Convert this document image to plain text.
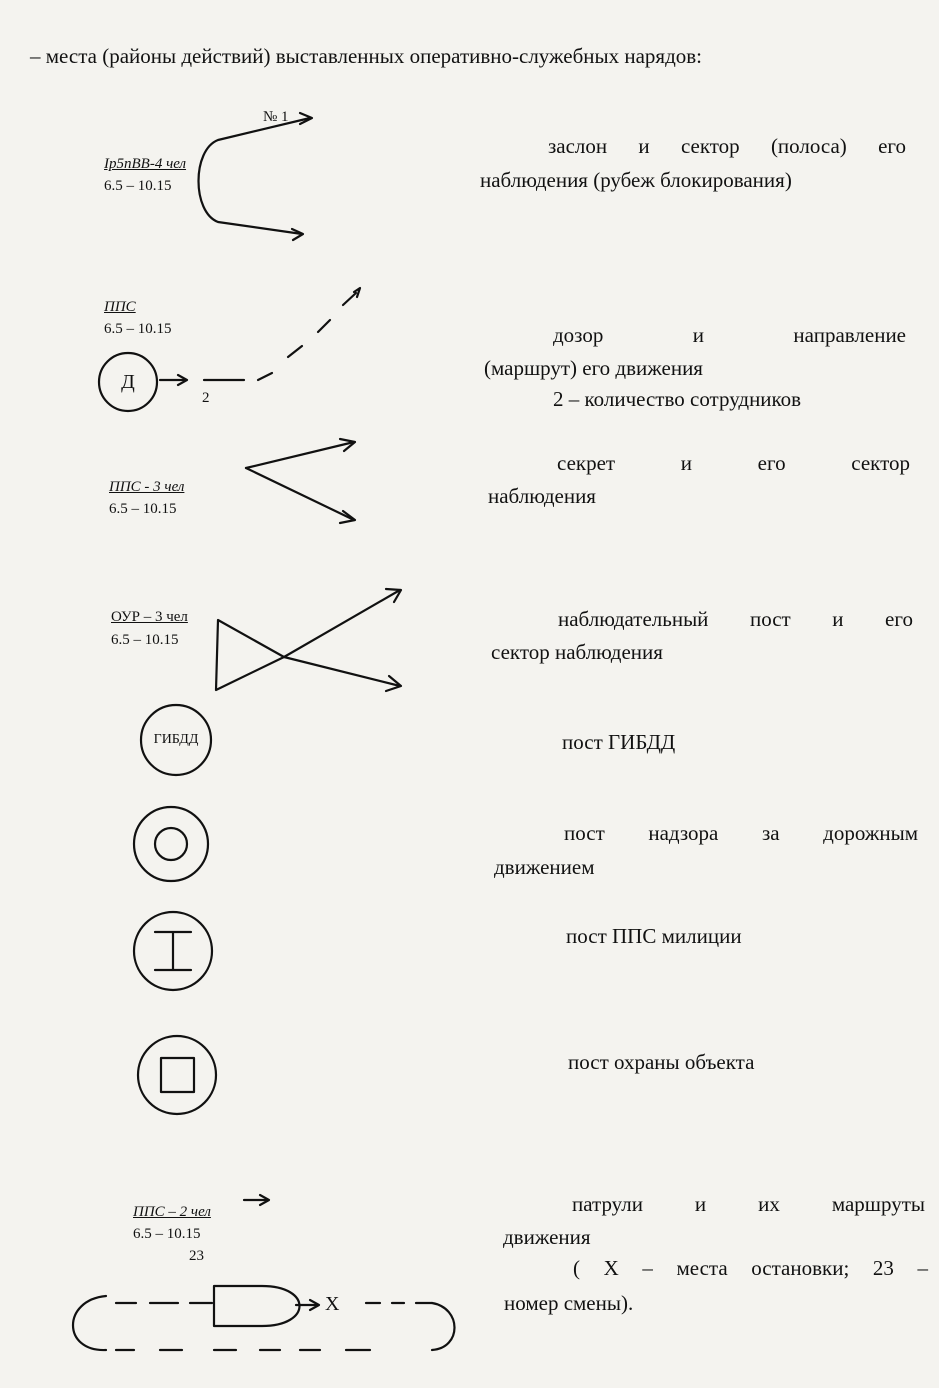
– места (районы действий) выставленных оперативно-служебных нарядов:
Ip5nBB-4 чел
6.5 – 10.15
№ 1
заслон и сектор (полоса) его
наблюдения (рубеж блокирования)
ППС
6.5 – 10.15
Д
2
дозор	и	направление
(маршрут) его движения
2 – количество сотрудников
ППС - 3 чел
6.5 – 10.15
секрет	и	его	сектор
наблюдения
ОУР – 3 чел
6.5 – 10.15
наблюдательный пост и его
сектор наблюдения
ГИБДД	пост ГИБДД
пост надзора за дорожным
движением
пост ППС милиции
пост охраны объекта
ППС – 2 чел
6.5 – 10.15
23
X
патрули и их маршруты
движения
( X – места остановки; 23 –
номер смены).
